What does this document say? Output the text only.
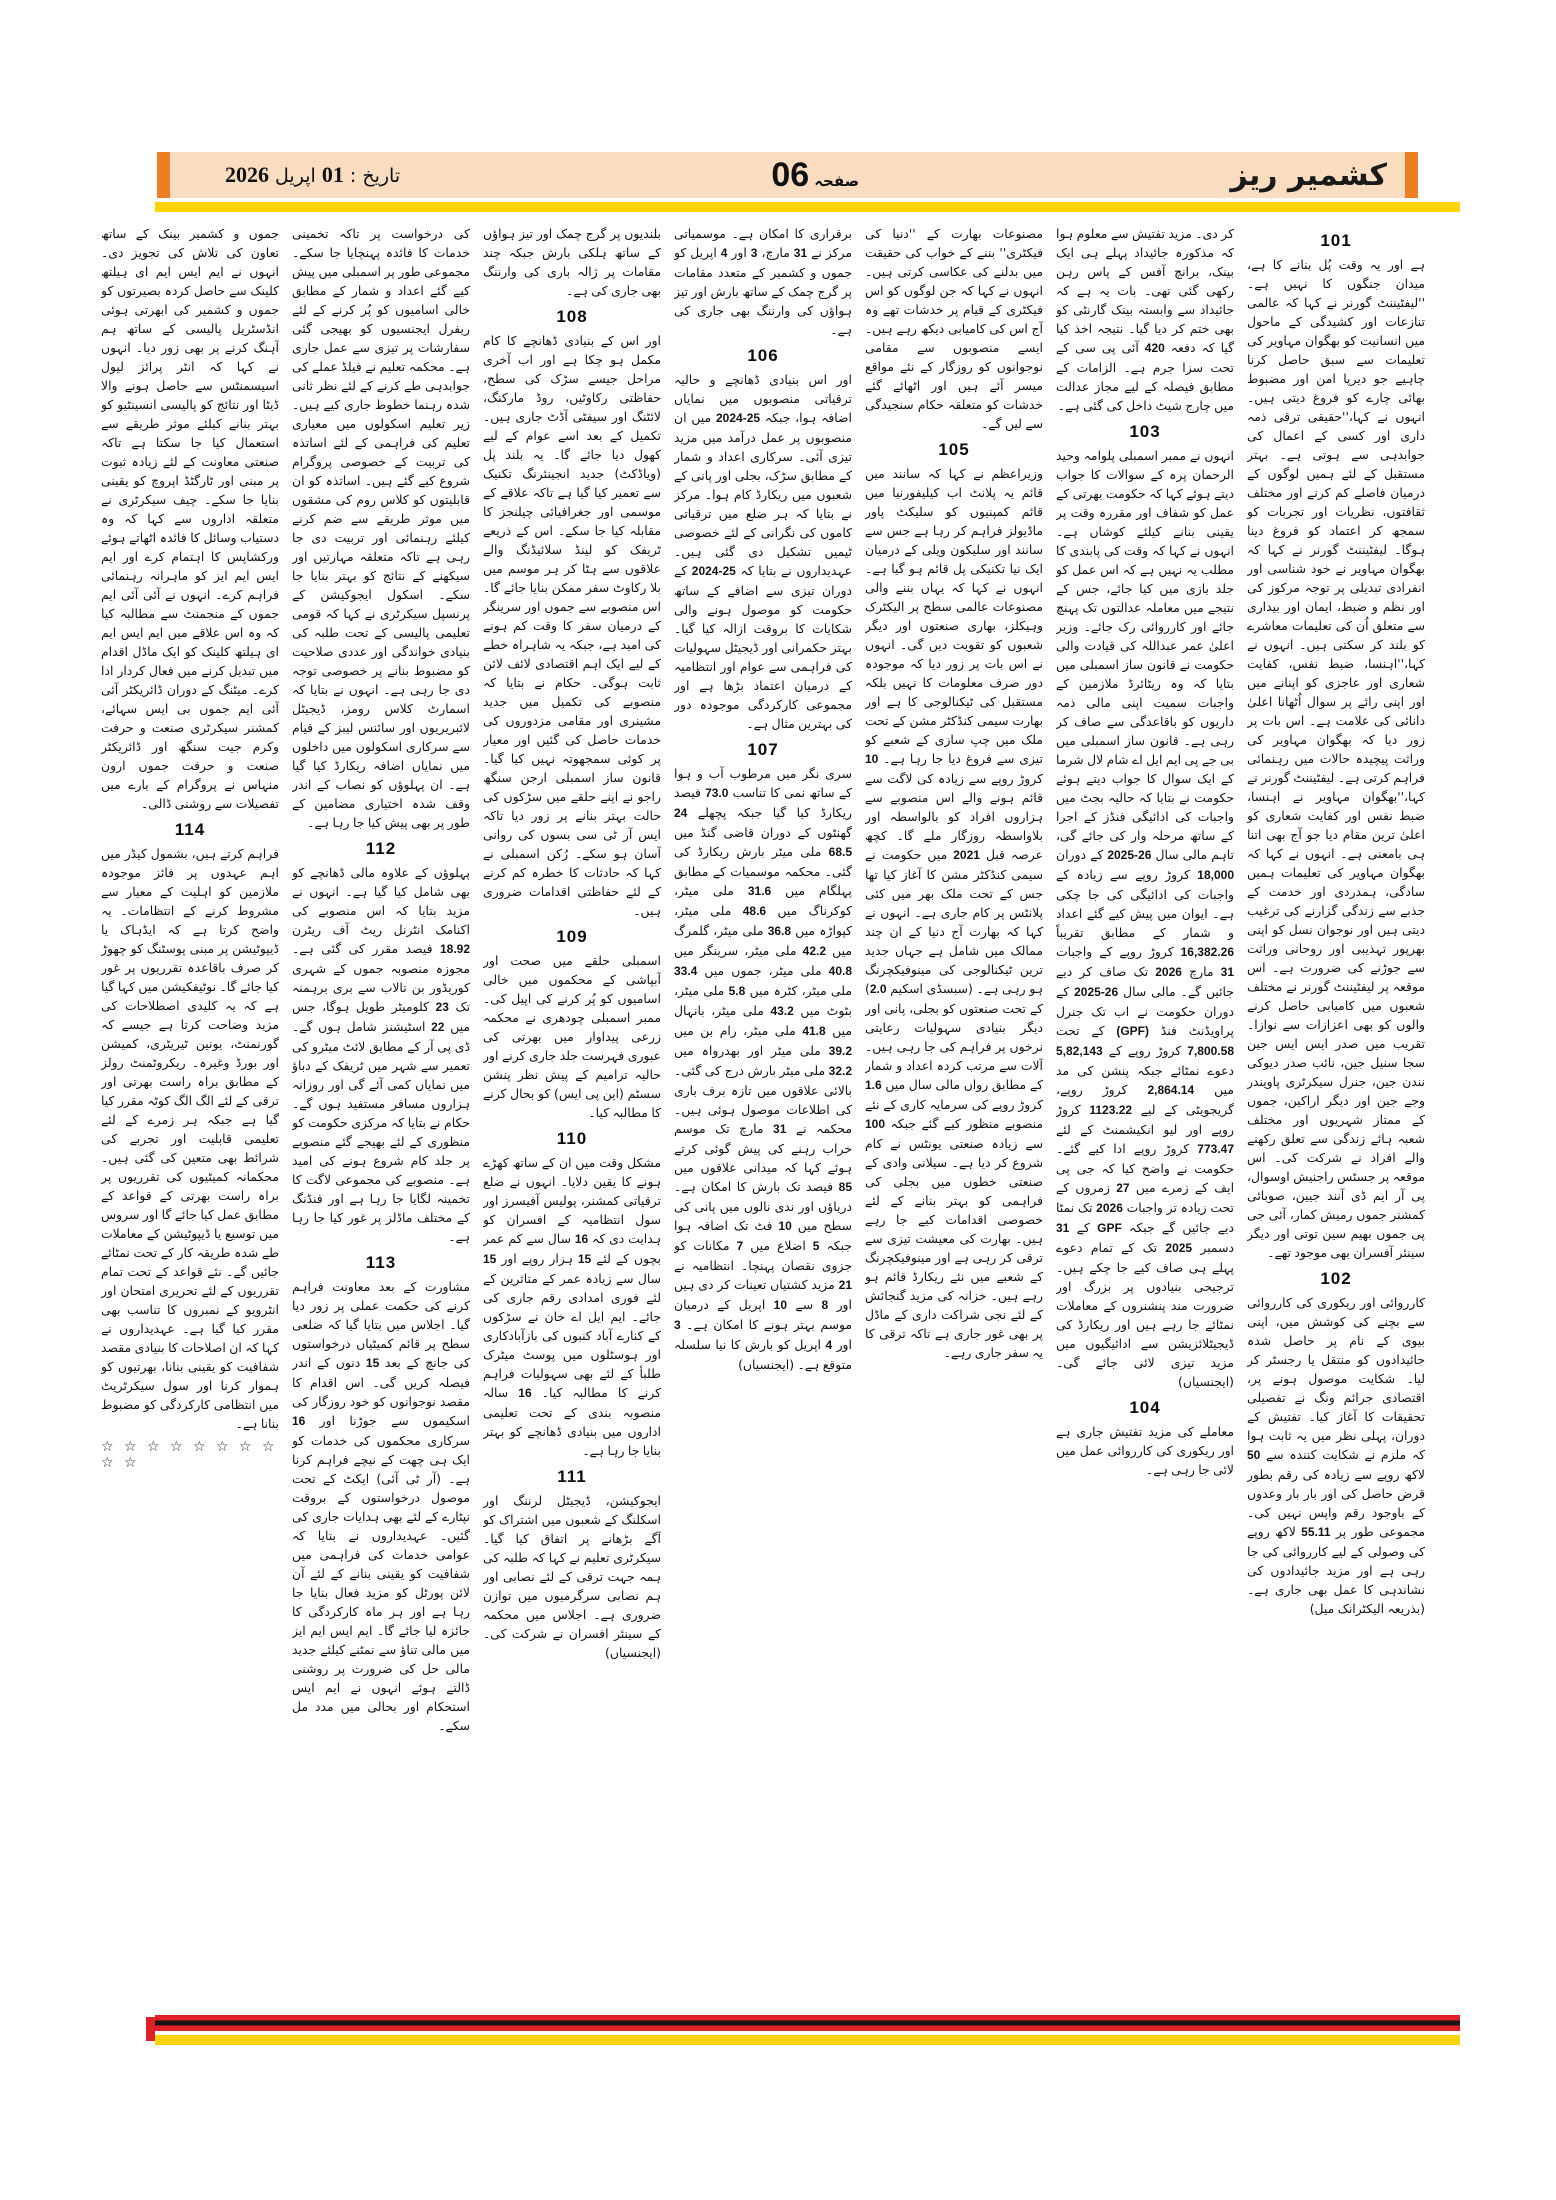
کشمیر ریز
صفحہ 06
تاریخ : 01 اپریل 2026
101

ہے اور یہ وقت پُل بنانے کا ہے، میدان جنگوں کا نہیں ہے۔ ''لیفٹیننٹ گورنر نے کہا کہ عالمی تنازعات اور کشیدگی کے ماحول میں انسانیت کو بھگوان مہاویر کی تعلیمات سے سبق حاصل کرنا چاہیے جو دیرپا امن اور مضبوط بھائی چارے کو فروغ دیتی ہیں۔ انہوں نے کہا،''حقیقی ترقی ذمہ داری اور کسی کے اعمال کی جوابدہی سے ہوتی ہے۔ بہتر مستقبل کے لئے ہمیں لوگوں کے درمیان فاصلے کم کرنے اور مختلف ثقافتوں، نظریات اور تجربات کو سمجھ کر اعتماد کو فروغ دینا ہوگا۔ لیفٹیننٹ گورنر نے کہا کہ بھگوان مہاویر نے خود شناسی اور انفرادی تبدیلی پر توجہ مرکوز کی اور نظم و ضبط، ایمان اور بیداری سے متعلق اُن کی تعلیمات معاشرے کو بلند کر سکتی ہیں۔ انہوں نے کہا،''اہنسا، ضبط نفس، کفایت شعاری اور عاجزی کو اپنانے میں اور اپنی رائے پر سوال اُٹھانا اعلیٰ دانائی کی علامت ہے۔ اس بات پر زور دیا کہ بھگوان مہاویر کی وراثت پیچیدہ حالات میں رہنمائی فراہم کرتی ہے۔ لیفٹیننٹ گورنر نے کہا،''بھگوان مہاویر نے اہنسا، ضبط نفس اور کفایت شعاری کو اعلیٰ ترین مقام دیا جو آج بھی اتنا ہی بامعنی ہے۔ انہوں نے کہا کہ بھگوان مہاویر کی تعلیمات ہمیں سادگی، ہمدردی اور خدمت کے جذبے سے زندگی گزارنے کی ترغیب دیتی ہیں اور نوجوان نسل کو اپنی بھرپور تہذیبی اور روحانی وراثت سے جوڑنے کی ضرورت ہے۔ اس موقعہ پر لیفٹیننٹ گورنر نے مختلف شعبوں میں کامیابی حاصل کرنے والوں کو بھی اعزازات سے نوازا۔ تقریب میں صدر ایس ایس جین سجا سنیل جین، نائب صدر دیوکی نندن جین، جنرل سیکرٹری پاویندر وجے جین اور دیگر اراکین، جموں کے ممتاز شہریوں اور مختلف شعبہ ہائے زندگی سے تعلق رکھنے والے افراد نے شرکت کی۔ اس موقعہ پر جسٹس راجنیش اوسوال، پی آر ایم ڈی آنند جیین، صوبائی کمشنر جموں رمیش کمار، آئی جی پی جموں بھیم سین توتی اور دیگر سینئر آفسران بھی موجود تھے۔

102

کارروائی اور ریکوری کی کارروائی سے بچنے کی کوشش میں، اپنی بیوی کے نام پر حاصل شدہ جائیدادوں کو منتقل یا رجسٹر کر لیا۔ شکایت موصول ہونے پر، اقتصادی جرائم ونگ نے تفصیلی تحقیقات کا آغاز کیا۔ تفتیش کے دوران، پہلی نظر میں یہ ثابت ہوا کہ ملزم نے شکایت کنندہ سے 50 لاکھ روپے سے زیادہ کی رقم بطور قرض حاصل کی اور بار بار وعدوں کے باوجود رقم واپس نہیں کی۔ مجموعی طور پر 55.11 لاکھ روپے کی وصولی کے لیے کارروائی کی جا رہی ہے اور مزید جائیدادوں کی نشاندہی کا عمل بھی جاری ہے۔ (بذریعہ الیکٹرانک میل)

کر دی۔ مزید تفتیش سے معلوم ہوا کہ مذکورہ جائیداد پہلے ہی ایک بینک، برانچ آفس کے پاس رہن رکھی گئی تھی۔ بات یہ ہے کہ جائیداد سے وابستہ بینک گارنٹی کو بھی ختم کر دیا گیا۔ نتیجہ اخذ کیا گیا کہ دفعہ 420 آئی پی سی کے تحت سزا جرم ہے۔ الزامات کے مطابق فیصلہ کے لیے مجاز عدالت میں چارج شیٹ داخل کی گئی ہے۔

103

انہوں نے ممبر اسمبلی پلوامہ وحید الرحمان پرہ کے سوالات کا جواب دیتے ہوئے کہا کہ حکومت بھرتی کے عمل کو شفاف اور مقررہ وقت پر یقینی بنانے کیلئے کوشاں ہے۔ انہوں نے کہا کہ وقت کی پابندی کا مطلب یہ نہیں ہے کہ اس عمل کو جلد بازی میں کیا جائے، جس کے نتیجے میں معاملہ عدالتوں تک پہنچ جائے اور کارروائی رک جائے۔ وزیر اعلیٰ عمر عبداللہ کی قیادت والی حکومت نے قانون ساز اسمبلی میں بتایا کہ وہ ریٹائرڈ ملازمین کے واجبات سمیت اپنی مالی ذمہ داریوں کو باقاعدگی سے صاف کر رہی ہے۔ قانون ساز اسمبلی میں بی جے پی ایم ایل اے شام لال شرما کے ایک سوال کا جواب دیتے ہوئے حکومت نے بتایا کہ حالیہ بجٹ میں واجبات کی ادائیگی فنڈز کے اجرا کے ساتھ مرحلہ وار کی جائے گی، تاہم مالی سال 26-2025 کے دوران 18,000 کروڑ روپے سے زیادہ کے واجبات کی ادائیگی کی جا چکی ہے۔ ایوان میں پیش کیے گئے اعداد و شمار کے مطابق تقریباً 16,382.26 کروڑ روپے کے واجبات 31 مارچ 2026 تک صاف کر دیے جائیں گے۔ مالی سال 26-2025 کے دوران حکومت نے اب تک جنرل پراویڈنٹ فنڈ (GPF) کے تحت 7,800.58 کروڑ روپے کے 5,82,143 دعوے نمٹائے جبکہ پنشن کی مد میں 2,864.14 کروڑ روپے، گریجویٹی کے لیے 1123.22 کروڑ روپے اور لیو انکیشمنٹ کے لئے 773.47 کروڑ روپے ادا کیے گئے۔ حکومت نے واضح کیا کہ جی پی ایف کے زمرے میں 27 زمروں کے تحت زیادہ تر واجبات 2026 تک نمٹا دیے جائیں گے جبکہ GPF کے 31 دسمبر 2025 تک کے تمام دعوے پہلے ہی صاف کیے جا چکے ہیں۔ ترجیحی بنیادوں پر بزرگ اور ضرورت مند پنشنروں کے معاملات نمٹائے جا رہے ہیں اور ریکارڈ کی ڈیجیٹلائزیشن سے ادائیگیوں میں مزید تیزی لائی جائے گی۔ (ایجنسیاں)

104

معاملے کی مزید تفتیش جاری ہے اور ریکوری کی کارروائی عمل میں لائی جا رہی ہے۔

مصنوعات بھارت کے ''دنیا کی فیکٹری'' بننے کے خواب کی حقیقت میں بدلنے کی عکاسی کرتی ہیں۔ انہوں نے کہا کہ جن لوگوں کو اس فیکٹری کے قیام پر خدشات تھے وہ آج اس کی کامیابی دیکھ رہے ہیں۔ ایسے منصوبوں سے مقامی نوجوانوں کو روزگار کے نئے مواقع میسر آئے ہیں اور اٹھائے گئے خدشات کو متعلقہ حکام سنجیدگی سے لیں گے۔

105

وزیراعظم نے کہا کہ سانند میں قائم یہ پلانٹ اب کیلیفورنیا میں قائم کمپنیوں کو سلیکٹ پاور ماڈیولز فراہم کر رہا ہے جس سے سانند اور سلیکون ویلی کے درمیان ایک نیا تکنیکی پل قائم ہو گیا ہے۔ انہوں نے کہا کہ یہاں بننے والی مصنوعات عالمی سطح پر الیکٹرک وہیکلز، بھاری صنعتوں اور دیگر شعبوں کو تقویت دیں گی۔ انہوں نے اس بات پر زور دیا کہ موجودہ دور صرف معلومات کا نہیں بلکہ مستقبل کی ٹیکنالوجی کا ہے اور بھارت سیمی کنڈکٹر مشن کے تحت ملک میں چپ سازی کے شعبے کو تیزی سے فروغ دیا جا رہا ہے۔ 10 کروڑ روپے سے زیادہ کی لاگت سے قائم ہونے والے اس منصوبے سے ہزاروں افراد کو بالواسطہ اور بلاواسطہ روزگار ملے گا۔ کچھ عرصہ قبل 2021 میں حکومت نے سیمی کنڈکٹر مشن کا آغاز کیا تھا جس کے تحت ملک بھر میں کئی پلانٹس پر کام جاری ہے۔ انہوں نے کہا کہ بھارت آج دنیا کے ان چند ممالک میں شامل ہے جہاں جدید ترین ٹیکنالوجی کی مینوفیکچرنگ ہو رہی ہے۔ (سبسڈی اسکیم 2.0) کے تحت صنعتوں کو بجلی، پانی اور دیگر بنیادی سہولیات رعایتی نرخوں پر فراہم کی جا رہی ہیں۔ آلات سے مرتب کردہ اعداد و شمار کے مطابق رواں مالی سال میں 1.6 کروڑ روپے کی سرمایہ کاری کے نئے منصوبے منظور کیے گئے جبکہ 100 سے زیادہ صنعتی یونٹس نے کام شروع کر دیا ہے۔ سیلانی وادی کے صنعتی خطوں میں بجلی کی فراہمی کو بہتر بنانے کے لئے خصوصی اقدامات کیے جا رہے ہیں۔ بھارت کی معیشت تیزی سے ترقی کر رہی ہے اور مینوفیکچرنگ کے شعبے میں نئے ریکارڈ قائم ہو رہے ہیں۔ خزانہ کی مزید گنجائش کے لئے نجی شراکت داری کے ماڈل پر بھی غور جاری ہے تاکہ ترقی کا یہ سفر جاری رہے۔

برقراری کا امکان ہے۔ موسمیاتی مرکز نے 31 مارچ، 3 اور 4 اپریل کو جموں و کشمیر کے متعدد مقامات پر گرج چمک کے ساتھ بارش اور تیز ہواؤں کی وارننگ بھی جاری کی ہے۔

106

اور اس بنیادی ڈھانچے و حالیہ ترقیاتی منصوبوں میں نمایاں اضافہ ہوا، جبکہ 25-2024 میں ان منصوبوں پر عمل درآمد میں مزید تیزی آئی۔ سرکاری اعداد و شمار کے مطابق سڑک، بجلی اور پانی کے شعبوں میں ریکارڈ کام ہوا۔ مرکز نے بتایا کہ ہر ضلع میں ترقیاتی کاموں کی نگرانی کے لئے خصوصی ٹیمیں تشکیل دی گئی ہیں۔ عہدیداروں نے بتایا کہ 25-2024 کے دوران تیزی سے اضافے کے ساتھ حکومت کو موصول ہونے والی شکایات کا بروقت ازالہ کیا گیا۔ بہتر حکمرانی اور ڈیجیٹل سہولیات کی فراہمی سے عوام اور انتظامیہ کے درمیان اعتماد بڑھا ہے اور مجموعی کارکردگی موجودہ دور کی بہترین مثال ہے۔

107

سری نگر میں مرطوب آب و ہوا کے ساتھ نمی کا تناسب 73.0 فیصد ریکارڈ کیا گیا جبکہ پچھلے 24 گھنٹوں کے دوران قاضی گنڈ میں 68.5 ملی میٹر بارش ریکارڈ کی گئی۔ محکمہ موسمیات کے مطابق پہلگام میں 31.6 ملی میٹر، کوکرناگ میں 48.6 ملی میٹر، کپواڑہ میں 36.8 ملی میٹر، گلمرگ میں 42.2 ملی میٹر، سرینگر میں 40.8 ملی میٹر، جموں میں 33.4 ملی میٹر، کٹرہ میں 5.8 ملی میٹر، بٹوٹ میں 43.2 ملی میٹر، بانہال میں 41.8 ملی میٹر، رام بن میں 39.2 ملی میٹر اور بھدرواہ میں 32.2 ملی میٹر بارش درج کی گئی۔ بالائی علاقوں میں تازہ برف باری کی اطلاعات موصول ہوئی ہیں۔ محکمہ نے 31 مارچ تک موسم خراب رہنے کی پیش گوئی کرتے ہوئے کہا کہ میدانی علاقوں میں 85 فیصد تک بارش کا امکان ہے۔ دریاؤں اور ندی نالوں میں پانی کی سطح میں 10 فٹ تک اضافہ ہوا جبکہ 5 اضلاع میں 7 مکانات کو جزوی نقصان پہنچا۔ انتظامیہ نے 21 مزید کشتیاں تعینات کر دی ہیں اور 8 سے 10 اپریل کے درمیان موسم بہتر ہونے کا امکان ہے۔ 3 اور 4 اپریل کو بارش کا نیا سلسلہ متوقع ہے۔ (ایجنسیاں)

بلندیوں پر گرج چمک اور تیز ہواؤں کے ساتھ ہلکی بارش جبکہ چند مقامات پر ژالہ باری کی وارننگ بھی جاری کی ہے۔

108

اور اس کے بنیادی ڈھانچے کا کام مکمل ہو چکا ہے اور اب آخری مراحل جیسے سڑک کی سطح، حفاظتی رکاوٹیں، روڈ مارکنگ، لائٹنگ اور سیفٹی آڈٹ جاری ہیں۔ تکمیل کے بعد اسے عوام کے لیے کھول دیا جائے گا۔ یہ بلند پل (ویاڈکٹ) جدید انجینئرنگ تکنیک سے تعمیر کیا گیا ہے تاکہ علاقے کے موسمی اور جغرافیائی چیلنجز کا مقابلہ کیا جا سکے۔ اس کے ذریعے ٹریفک کو لینڈ سلائیڈنگ والے علاقوں سے ہٹا کر ہر موسم میں بلا رکاوٹ سفر ممکن بنایا جائے گا۔ اس منصوبے سے جموں اور سرینگر کے درمیان سفر کا وقت کم ہونے کی امید ہے، جبکہ یہ شاہراہ خطے کے لیے ایک اہم اقتصادی لائف لائن ثابت ہوگی۔ حکام نے بتایا کہ منصوبے کی تکمیل میں جدید مشینری اور مقامی مزدوروں کی خدمات حاصل کی گئیں اور معیار پر کوئی سمجھوتہ نہیں کیا گیا۔ قانون ساز اسمبلی ارجن سنگھ راجو نے اپنے حلقے میں سڑکوں کی حالت بہتر بنانے پر زور دیا تاکہ ایس آر ٹی سی بسوں کی روانی آسان ہو سکے۔ رُکن اسمبلی نے کہا کہ حادثات کا خطرہ کم کرنے کے لئے حفاظتی اقدامات ضروری ہیں۔

109

اسمبلی حلقے میں صحت اور آبپاشی کے محکموں میں خالی اسامیوں کو پُر کرنے کی اپیل کی۔ ممبر اسمبلی چودھری نے محکمہ زرعی پیداوار میں بھرتی کی عبوری فہرست جلد جاری کرنے اور حالیہ ترامیم کے پیش نظر پنشن سسٹم (این پی ایس) کو بحال کرنے کا مطالبہ کیا۔

110

مشکل وقت میں ان کے ساتھ کھڑے ہونے کا یقین دلایا۔ انہوں نے ضلع ترقیاتی کمشنر، پولیس آفیسرز اور سول انتظامیہ کے افسران کو ہدایت دی کہ 16 سال سے کم عمر بچوں کے لئے 15 ہزار روپے اور 15 سال سے زیادہ عمر کے متاثرین کے لئے فوری امدادی رقم جاری کی جائے۔ ایم ایل اے خان نے سڑکوں کے کنارے آباد کنبوں کی بازآبادکاری اور ہوسٹلوں میں پوسٹ میٹرک طلبأ کے لئے بھی سہولیات فراہم کرنے کا مطالبہ کیا۔ 16 سالہ منصوبہ بندی کے تحت تعلیمی اداروں میں بنیادی ڈھانچے کو بہتر بنایا جا رہا ہے۔

111

ایجوکیشن، ڈیجیٹل لرننگ اور اسکلنگ کے شعبوں میں اشتراک کو آگے بڑھانے پر اتفاق کیا گیا۔ سیکرٹری تعلیم نے کہا کہ طلبہ کی ہمہ جہت ترقی کے لئے نصابی اور ہم نصابی سرگرمیوں میں توازن ضروری ہے۔ اجلاس میں محکمہ کے سینئر افسران نے شرکت کی۔ (ایجنسیاں)

کی درخواست پر تاکہ تخمینی خدمات کا فائدہ پہنچایا جا سکے۔ مجموعی طور پر اسمبلی میں پیش کیے گئے اعداد و شمار کے مطابق خالی اسامیوں کو پُر کرنے کے لئے ریفرل ایجنسیوں کو بھیجی گئی سفارشات پر تیزی سے عمل جاری ہے۔ محکمہ تعلیم نے فیلڈ عملے کی جوابدہی طے کرنے کے لئے نظر ثانی شدہ رہنما خطوط جاری کیے ہیں۔ زیر تعلیم اسکولوں میں معیاری تعلیم کی فراہمی کے لئے اساتذہ کی تربیت کے خصوصی پروگرام شروع کیے گئے ہیں۔ اساتذہ کو ان قابلیتوں کو کلاس روم کی مشقوں میں موثر طریقے سے ضم کرنے کیلئے رہنمائی اور تربیت دی جا رہی ہے تاکہ متعلقہ مہارتیں اور سیکھنے کے نتائج کو بہتر بنایا جا سکے۔ اسکول ایجوکیشن کے پرنسپل سیکرٹری نے کہا کہ قومی تعلیمی پالیسی کے تحت طلبہ کی بنیادی خواندگی اور عددی صلاحیت کو مضبوط بنانے پر خصوصی توجہ دی جا رہی ہے۔ انہوں نے بتایا کہ اسمارٹ کلاس رومز، ڈیجیٹل لائبریریوں اور سائنس لیبز کے قیام سے سرکاری اسکولوں میں داخلوں میں نمایاں اضافہ ریکارڈ کیا گیا ہے۔ ان پہلوؤں کو نصاب کے اندر وقف شدہ اختیاری مضامین کے طور پر بھی پیش کیا جا رہا ہے۔

112

پہلوؤں کے علاوہ مالی ڈھانچے کو بھی شامل کیا گیا ہے۔ انہوں نے مزید بتایا کہ اس منصوبے کی اکنامک انٹرنل ریٹ آف ریٹرن 18.92 فیصد مقرر کی گئی ہے۔ مجوزہ منصوبہ جموں کے شہری کوریڈور بن تالاب سے بری برہمنہ تک 23 کلومیٹر طویل ہوگا، جس میں 22 اسٹیشنز شامل ہوں گے۔ ڈی پی آر کے مطابق لائٹ میٹرو کی تعمیر سے شہر میں ٹریفک کے دباؤ میں نمایاں کمی آئے گی اور روزانہ ہزاروں مسافر مستفید ہوں گے۔ حکام نے بتایا کہ مرکزی حکومت کو منظوری کے لئے بھیجے گئے منصوبے پر جلد کام شروع ہونے کی امید ہے۔ منصوبے کی مجموعی لاگت کا تخمینہ لگایا جا رہا ہے اور فنڈنگ کے مختلف ماڈلز پر غور کیا جا رہا ہے۔

113

مشاورت کے بعد معاونت فراہم کرنے کی حکمت عملی پر زور دیا گیا۔ اجلاس میں بتایا گیا کہ ضلعی سطح پر قائم کمیٹیاں درخواستوں کی جانچ کے بعد 15 دنوں کے اندر فیصلہ کریں گی۔ اس اقدام کا مقصد نوجوانوں کو خود روزگار کی اسکیموں سے جوڑنا اور 16 سرکاری محکموں کی خدمات کو ایک ہی چھت کے نیچے فراہم کرنا ہے۔ (آر ٹی آئی) ایکٹ کے تحت موصول درخواستوں کے بروقت نپٹارے کے لئے بھی ہدایات جاری کی گئیں۔ عہدیداروں نے بتایا کہ عوامی خدمات کی فراہمی میں شفافیت کو یقینی بنانے کے لئے آن لائن پورٹل کو مزید فعال بنایا جا رہا ہے اور ہر ماہ کارکردگی کا جائزہ لیا جائے گا۔ ایم ایس ایم ایز میں مالی تناؤ سے نمٹنے کیلئے جدید مالی حل کی ضرورت پر روشنی ڈالتے ہوئے انہوں نے ایم ایس استحکام اور بحالی میں مدد مل سکے۔

جموں و کشمیر بینک کے ساتھ تعاون کی تلاش کی تجویز دی۔ انہوں نے ایم ایس ایم ای ہیلتھ کلینک سے حاصل کردہ بصیرتوں کو جموں و کشمیر کی ابھرتی ہوئی انڈسٹریل پالیسی کے ساتھ ہم آہنگ کرنے پر بھی زور دیا۔ انہوں نے کہا کہ انٹر پرائز لیول اسیسمنٹس سے حاصل ہونے والا ڈیٹا اور نتائج کو پالیسی انسینٹیو کو بہتر بنانے کیلئے موثر طریقے سے استعمال کیا جا سکتا ہے تاکہ صنعتی معاونت کے لئے زیادہ ثبوت پر مبنی اور ٹارگٹڈ اپروچ کو یقینی بنایا جا سکے۔ چیف سیکرٹری نے متعلقہ اداروں سے کہا کہ وہ دستیاب وسائل کا فائدہ اٹھاتے ہوئے ورکشاپس کا اہتمام کرے اور ایم ایس ایم ایز کو ماہرانہ رہنمائی فراہم کرے۔ انہوں نے آئی آئی ایم جموں کے منجمنٹ سے مطالبہ کیا کہ وہ اس علاقے میں ایم ایس ایم ای ہیلتھ کلینک کو ایک ماڈل اقدام میں تبدیل کرنے میں فعال کردار ادا کرے۔ میٹنگ کے دوران ڈائریکٹر آئی آئی ایم جموں بی ایس سہائے، کمشنر سیکرٹری صنعت و حرفت وکرم جیت سنگھ اور ڈائریکٹر صنعت و حرفت جموں ارون منہاس نے پروگرام کے بارے میں تفصیلات سے روشنی ڈالی۔

114

فراہم کرتے ہیں، بشمول کیڈر میں اہم عہدوں پر فائز موجودہ ملازمین کو اہلیت کے معیار سے مشروط کرنے کے انتظامات۔ یہ واضح کرتا ہے کہ ایڈہاک یا ڈیپوٹیشن پر مبنی پوسٹنگ کو چھوڑ کر صرف باقاعدہ تقرریوں پر غور کیا جائے گا۔ نوٹیفکیشن میں کہا گیا ہے کہ یہ کلیدی اصطلاحات کی مزید وضاحت کرتا ہے جیسے کہ گورنمنٹ، یونین ٹیریٹری، کمیشن اور بورڈ وغیرہ۔ ریکروٹمنٹ رولز کے مطابق براہ راست بھرتی اور ترقی کے لئے الگ الگ کوٹہ مقرر کیا گیا ہے جبکہ ہر زمرے کے لئے تعلیمی قابلیت اور تجربے کی شرائط بھی متعین کی گئی ہیں۔ محکمانہ کمیٹیوں کی تقرریوں پر براہ راست بھرتی کے قواعد کے مطابق عمل کیا جائے گا اور سروس میں توسیع یا ڈیپوٹیشن کے معاملات طے شدہ طریقہ کار کے تحت نمٹائے جائیں گے۔ نئے قواعد کے تحت تمام تقرریوں کے لئے تحریری امتحان اور انٹرویو کے نمبروں کا تناسب بھی مقرر کیا گیا ہے۔ عہدیداروں نے کہا کہ ان اصلاحات کا بنیادی مقصد شفافیت کو یقینی بنانا، بھرتیوں کو ہموار کرنا اور سول سیکرٹریٹ میں انتظامی کارکردگی کو مضبوط بنانا ہے۔

☆ ☆ ☆ ☆ ☆ ☆ ☆ ☆ ☆ ☆
